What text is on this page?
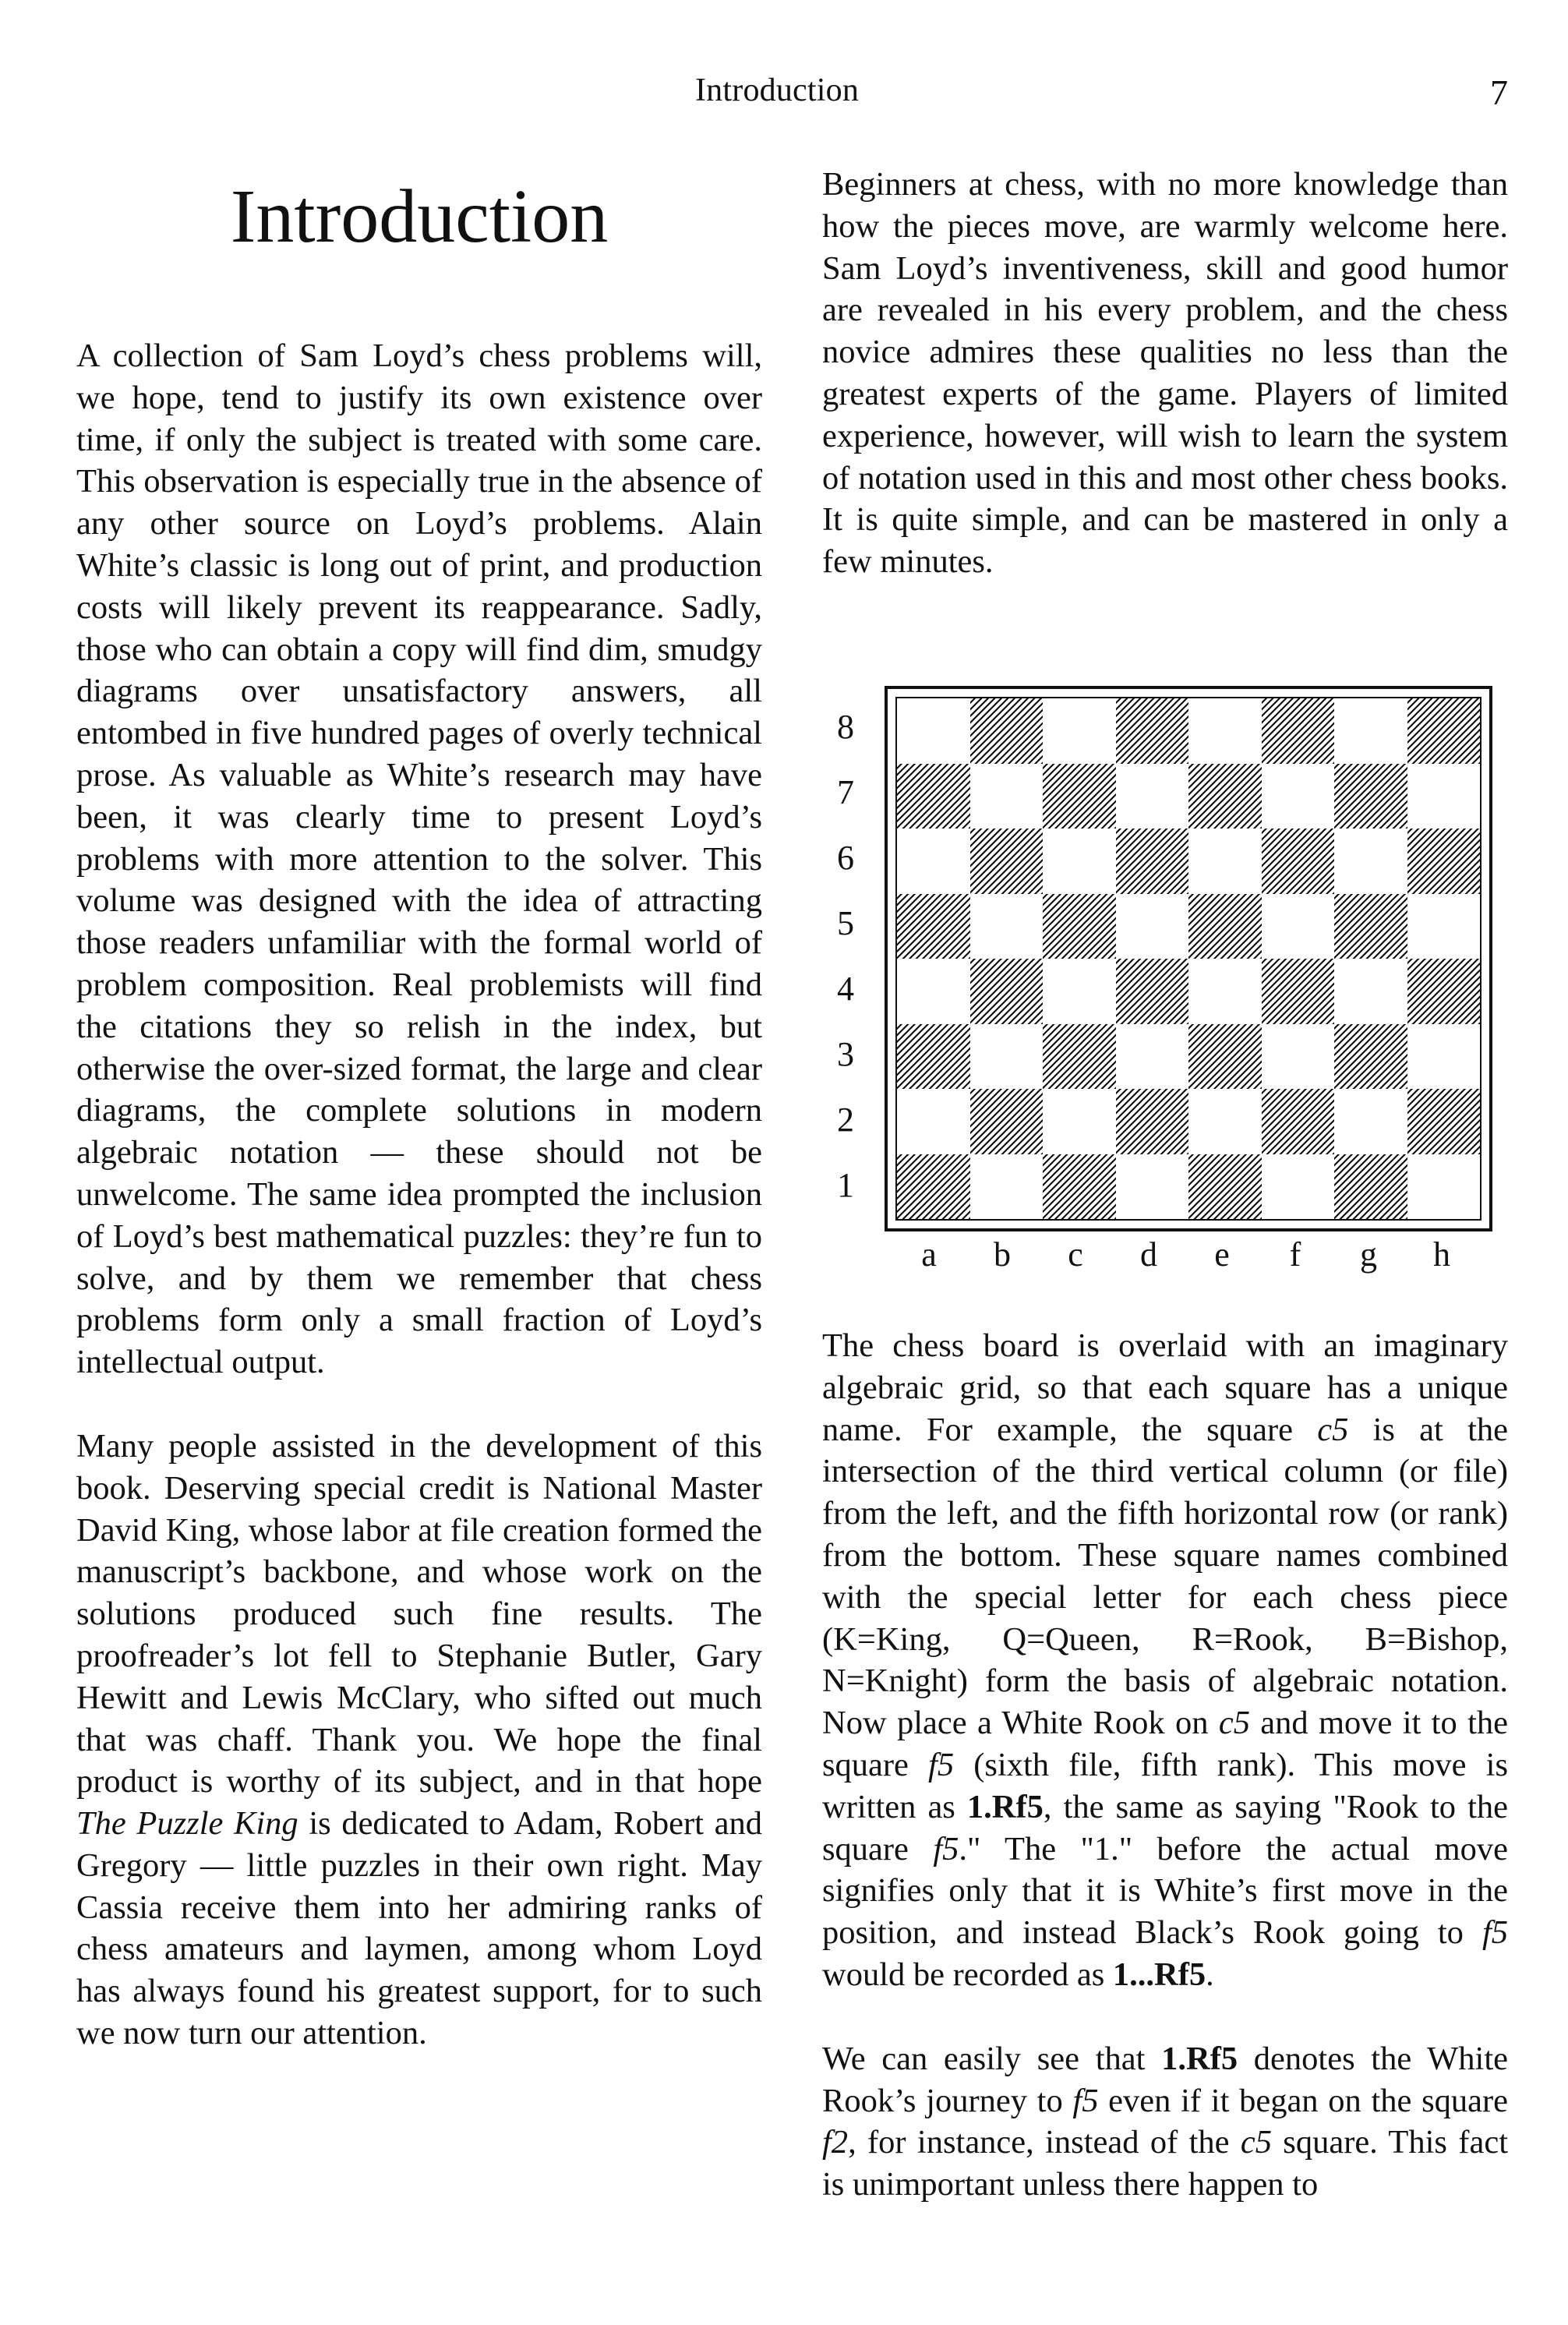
Introduction	7
Introduction

A collection of Sam Loyd’s chess problems will, we hope, tend to justify its own existence over time, if only the subject is treated with some care. This observation is especially true in the absence of any other source on Loyd’s problems. Alain White’s classic is long out of print, and production costs will likely prevent its reappearance. Sadly, those who can obtain a copy will find dim, smudgy diagrams over unsatisfactory answers, all entombed in five hundred pages of overly technical prose. As valuable as White’s research may have been, it was clearly time to present Loyd’s problems with more attention to the solver. This volume was designed with the idea of attracting those readers unfamiliar with the formal world of problem composition. Real problemists will find the citations they so relish in the index, but otherwise the over-sized format, the large and clear diagrams, the complete solutions in modern algebraic notation — these should not be unwelcome. The same idea prompted the inclusion of Loyd’s best mathematical puzzles: they’re fun to solve, and by them we remember that chess problems form only a small fraction of Loyd’s intellectual output.

Many people assisted in the development of this book. Deserving special credit is National Master David King, whose labor at file creation formed the manuscript’s backbone, and whose work on the solutions produced such fine results. The proofreader’s lot fell to Stephanie Butler, Gary Hewitt and Lewis McClary, who sifted out much that was chaff. Thank you. We hope the final product is worthy of its subject, and in that hope The Puzzle King is dedicated to Adam, Robert and Gregory — little puzzles in their own right. May Cassia receive them into her admiring ranks of chess amateurs and laymen, among whom Loyd has always found his greatest support, for to such we now turn our attention.

Beginners at chess, with no more knowledge than how the pieces move, are warmly welcome here. Sam Loyd’s inventiveness, skill and good humor are revealed in his every problem, and the chess novice admires these qualities no less than the greatest experts of the game. Players of limited experience, however, will wish to learn the system of notation used in this and most other chess books. It is quite simple, and can be mastered in only a few minutes.

8
7
6
5
4
3
2
1
a	b	c	d	e	f	g	h

The chess board is overlaid with an imaginary algebraic grid, so that each square has a unique name. For example, the square c5 is at the intersection of the third vertical column (or file) from the left, and the fifth horizontal row (or rank) from the bottom. These square names combined with the special letter for each chess piece (K=King, Q=Queen, R=Rook, B=Bishop, N=Knight) form the basis of algebraic notation. Now place a White Rook on c5 and move it to the square f5 (sixth file, fifth rank). This move is written as 1.Rf5, the same as saying "Rook to the square f5." The "1." before the actual move signifies only that it is White’s first move in the position, and instead Black’s Rook going to f5 would be recorded as 1...Rf5.

We can easily see that 1.Rf5 denotes the White Rook’s journey to f5 even if it began on the square f2, for instance, instead of the c5 square. This fact is unimportant unless there happen to
